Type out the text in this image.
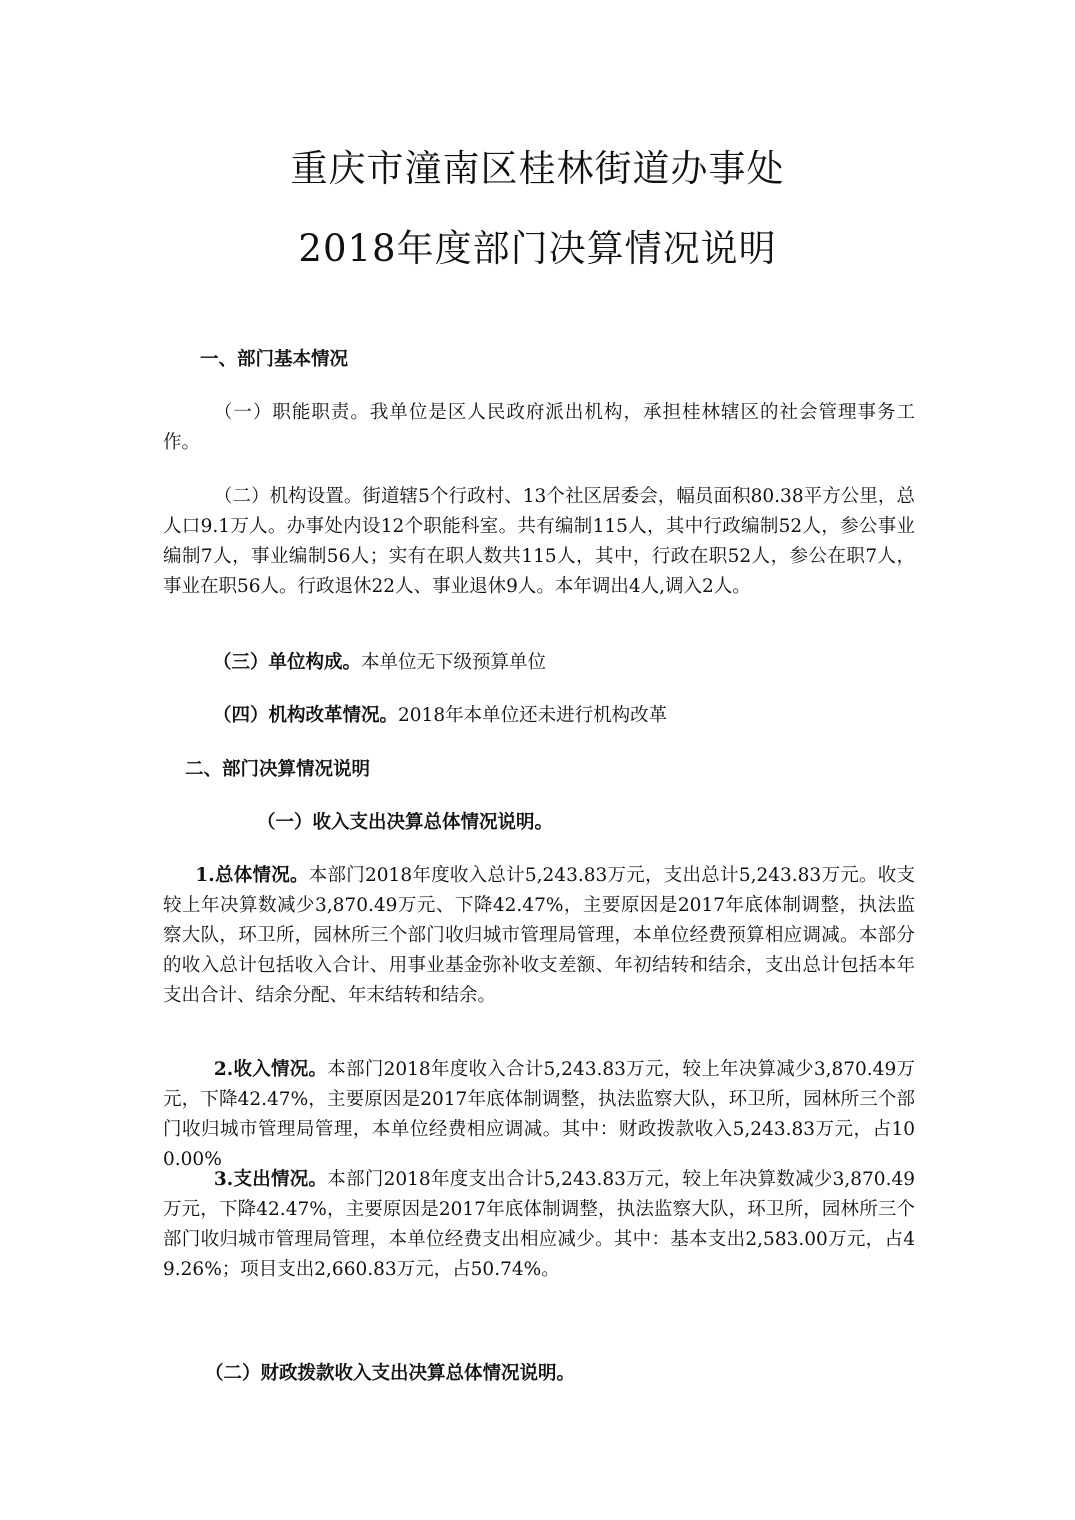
重庆市潼南区桂林街道办事处
2018年度部门决算情况说明

一、部门基本情况

（一）职能职责。我单位是区人民政府派出机构，承担桂林辖区的社会管理事务工作。

（二）机构设置。街道辖5个行政村、13个社区居委会，幅员面积80.38平方公里，总人口9.1万人。办事处内设12个职能科室。共有编制115人，其中行政编制52人，参公事业编制7人，事业编制56人；实有在职人数共115人，其中，行政在职52人，参公在职7人，事业在职56人。行政退休22人、事业退休9人。本年调出4人,调入2人。

（三）单位构成。本单位无下级预算单位

（四）机构改革情况。2018年本单位还未进行机构改革

二、部门决算情况说明

（一）收入支出决算总体情况说明。

1.总体情况。本部门2018年度收入总计5,243.83万元，支出总计5,243.83万元。收支较上年决算数减少3,870.49万元、下降42.47%，主要原因是2017年底体制调整，执法监察大队，环卫所，园林所三个部门收归城市管理局管理，本单位经费预算相应调减。本部分的收入总计包括收入合计、用事业基金弥补收支差额、年初结转和结余，支出总计包括本年支出合计、结余分配、年末结转和结余。

2.收入情况。本部门2018年度收入合计5,243.83万元，较上年决算减少3,870.49万元，下降42.47%，主要原因是2017年底体制调整，执法监察大队，环卫所，园林所三个部门收归城市管理局管理，本单位经费相应调减。其中：财政拨款收入5,243.83万元，占100.00%

3.支出情况。本部门2018年度支出合计5,243.83万元，较上年决算数减少3,870.49万元，下降42.47%，主要原因是2017年底体制调整，执法监察大队，环卫所，园林所三个部门收归城市管理局管理，本单位经费支出相应减少。其中：基本支出2,583.00万元，占49.26%；项目支出2,660.83万元，占50.74%。

（二）财政拨款收入支出决算总体情况说明。
